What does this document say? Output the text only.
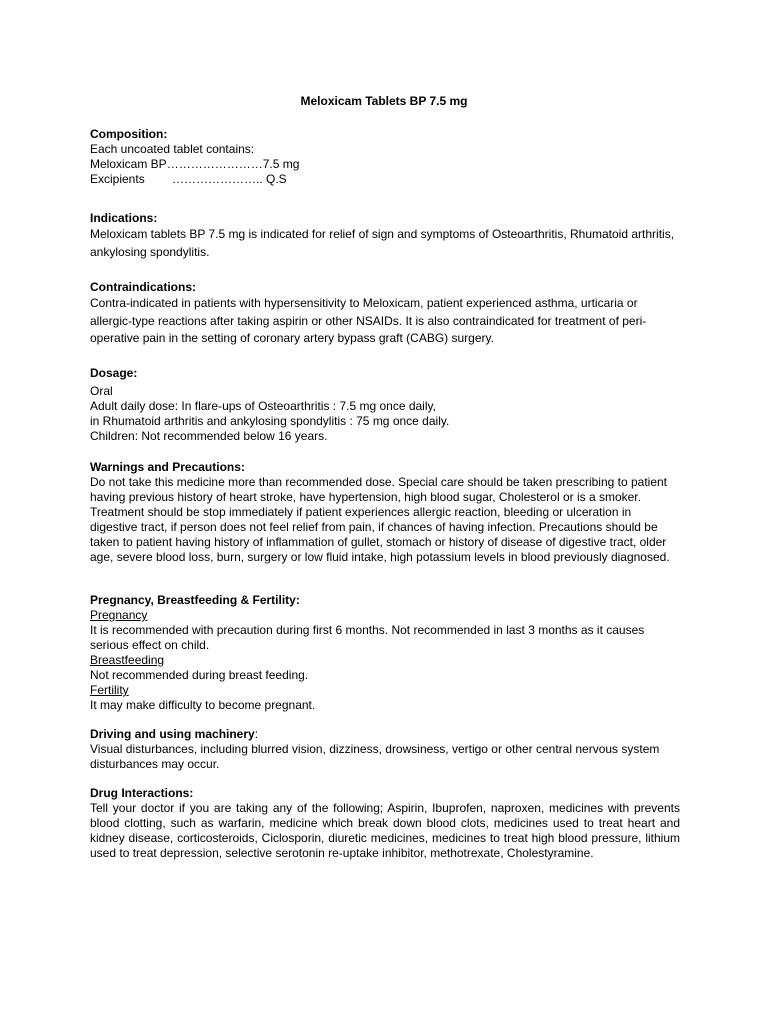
Meloxicam Tablets BP 7.5 mg
Composition:
Each uncoated tablet contains:
Meloxicam BP……………………7.5 mg
Excipients ………………….. Q.S
Indications:
Meloxicam tablets BP 7.5 mg is indicated for relief of sign and symptoms of Osteoarthritis, Rhumatoid arthritis, ankylosing spondylitis.
Contraindications:
Contra-indicated in patients with hypersensitivity to Meloxicam, patient experienced asthma, urticaria or allergic-type reactions after taking aspirin or other NSAIDs. It is also contraindicated for treatment of peri-operative pain in the setting of coronary artery bypass graft (CABG) surgery.
Dosage:
Oral
Adult daily dose: In flare-ups of Osteoarthritis : 7.5 mg once daily,
in Rhumatoid arthritis and ankylosing spondylitis : 75 mg once daily.
Children: Not recommended below 16 years.
Warnings and Precautions:
Do not take this medicine more than recommended dose. Special care should be taken prescribing to patient having previous history of heart stroke, have hypertension, high blood sugar, Cholesterol or is a smoker. Treatment should be stop immediately if patient experiences allergic reaction, bleeding or ulceration in digestive tract, if person does not feel relief from pain, if chances of having infection. Precautions should be taken to patient having history of inflammation of gullet, stomach or history of disease of digestive tract, older age, severe blood loss, burn, surgery or low fluid intake, high potassium levels in blood previously diagnosed.
Pregnancy, Breastfeeding & Fertility:
Pregnancy
It is recommended with precaution during first 6 months. Not recommended in last 3 months as it causes serious effect on child.
Breastfeeding
Not recommended during breast feeding.
Fertility
It may make difficulty to become pregnant.
Driving and using machinery:
Visual disturbances, including blurred vision, dizziness, drowsiness, vertigo or other central nervous system disturbances may occur.
Drug Interactions:
Tell your doctor if you are taking any of the following; Aspirin, Ibuprofen, naproxen, medicines with prevents blood clotting, such as warfarin, medicine which break down blood clots, medicines used to treat heart and kidney disease, corticosteroids, Ciclosporin, diuretic medicines, medicines to treat high blood pressure, lithium used to treat depression, selective serotonin re-uptake inhibitor, methotrexate, Cholestyramine.
